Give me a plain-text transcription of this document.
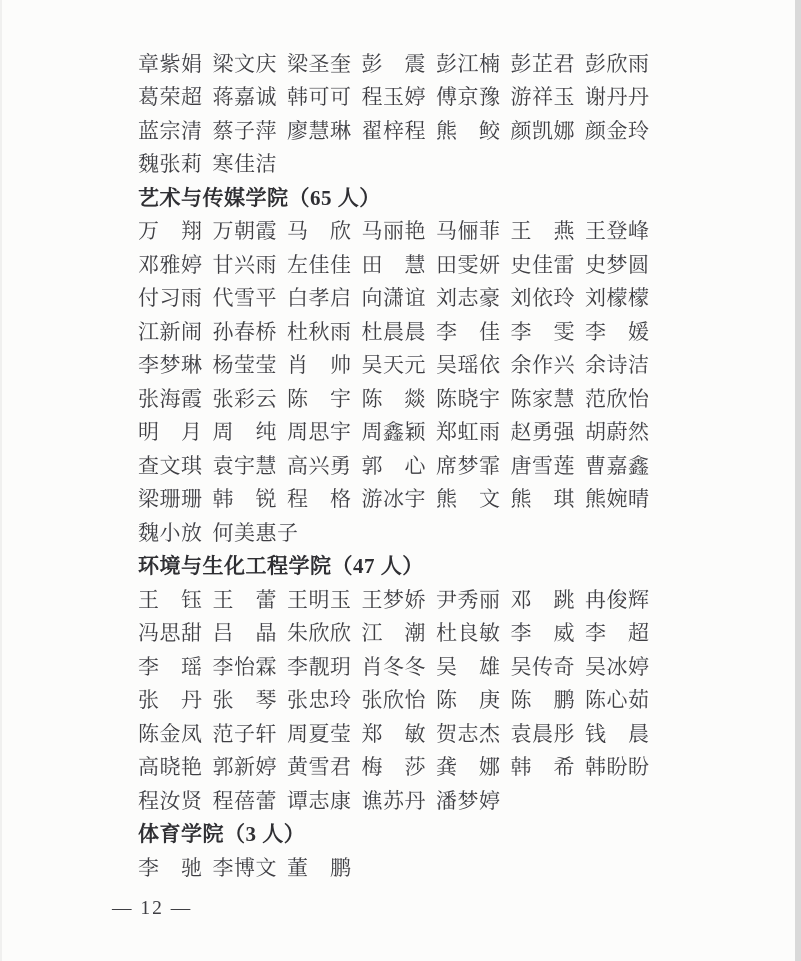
章紫娟 梁文庆 梁圣奎 彭　震 彭江楠 彭芷君 彭欣雨
葛荣超 蒋嘉诚 韩可可 程玉婷 傅京豫 游祥玉 谢丹丹
蓝宗清 蔡子萍 廖慧琳 翟梓程 熊　鲛 颜凯娜 颜金玲
魏张莉 寒佳洁
艺术与传媒学院（65 人）
万　翔 万朝霞 马　欣 马丽艳 马俪菲 王　燕 王登峰
邓雅婷 甘兴雨 左佳佳 田　慧 田雯妍 史佳雷 史梦圆
付习雨 代雪平 白孝启 向潇谊 刘志豪 刘依玲 刘檬檬
江新闹 孙春桥 杜秋雨 杜晨晨 李　佳 李　雯 李　媛
李梦琳 杨莹莹 肖　帅 吴天元 吴瑶依 余作兴 余诗洁
张海霞 张彩云 陈　宇 陈　燚 陈晓宇 陈家慧 范欣怡
明　月 周　纯 周思宇 周鑫颖 郑虹雨 赵勇强 胡蔚然
查文琪 袁宇慧 高兴勇 郭　心 席梦霏 唐雪莲 曹嘉鑫
梁珊珊 韩　锐 程　格 游冰宇 熊　文 熊　琪 熊婉晴
魏小放 何美惠子
环境与生化工程学院（47 人）
王　钰 王　蕾 王明玉 王梦娇 尹秀丽 邓　跳 冉俊辉
冯思甜 吕　晶 朱欣欣 江　潮 杜良敏 李　威 李　超
李　瑶 李怡霖 李靓玥 肖冬冬 吴　雄 吴传奇 吴冰婷
张　丹 张　琴 张忠玲 张欣怡 陈　庚 陈　鹏 陈心茹
陈金凤 范子轩 周夏莹 郑　敏 贺志杰 袁晨彤 钱　晨
高晓艳 郭新婷 黄雪君 梅　莎 龚　娜 韩　希 韩盼盼
程汝贤 程蓓蕾 谭志康 谯苏丹 潘梦婷
体育学院（3 人）
李　驰 李博文 董　鹏
— 12 —
